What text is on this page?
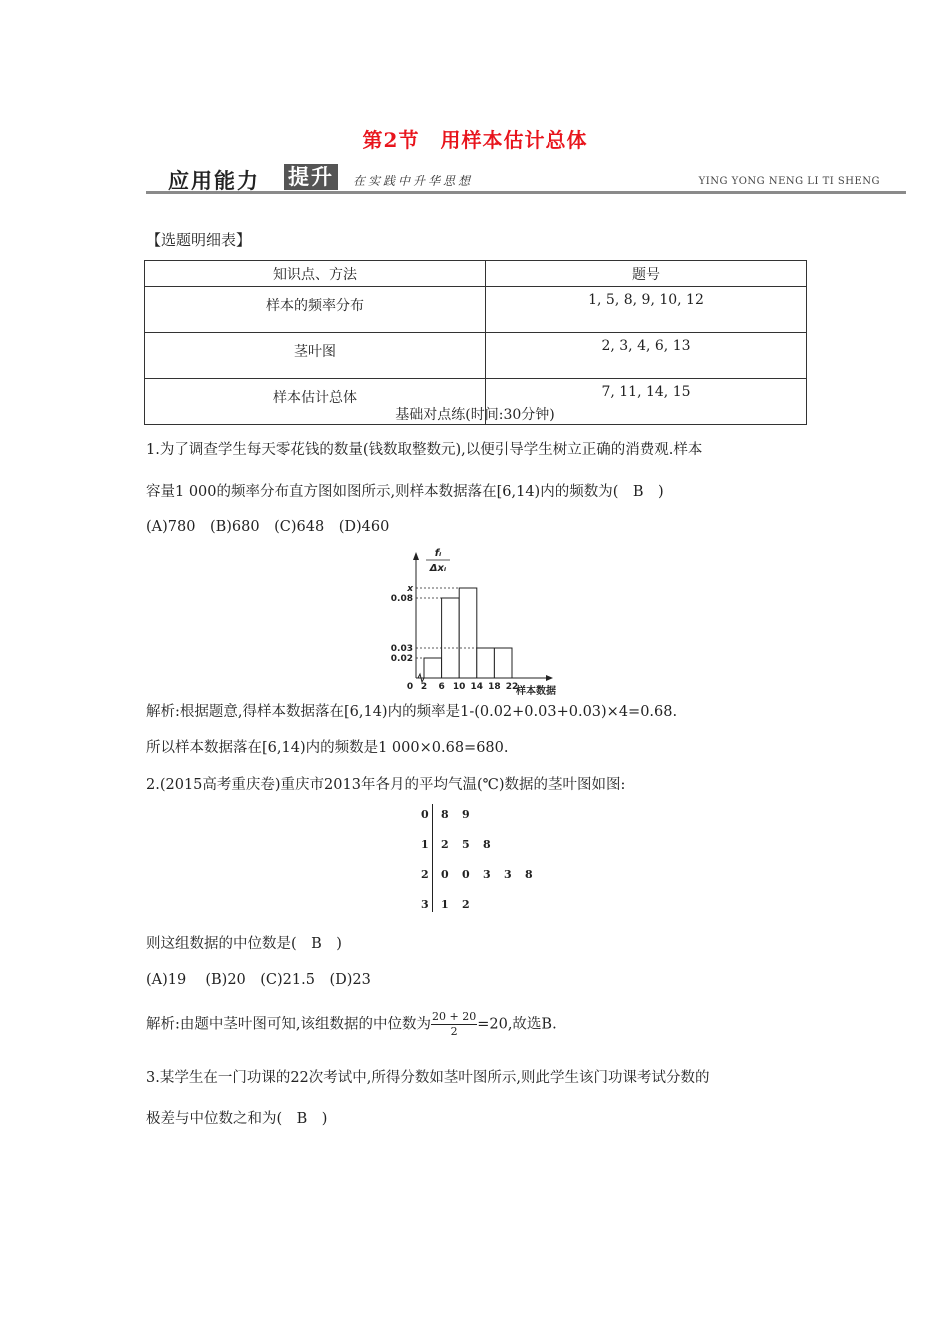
第2节　用样本估计总体
应用能力 提升	在实践中升华思想	YING YONG NENG LI TI SHENG
【选题明细表】
知识点、方法	题号
样本的频率分布	1, 5, 8, 9, 10, 12
茎叶图	2, 3, 4, 6, 13
样本估计总体	7, 11, 14, 15
基础对点练(时间:30分钟)
1.为了调查学生每天零花钱的数量(钱数取整数元),以便引导学生树立正确的消费观.样本
容量1 000的频率分布直方图如图所示,则样本数据落在[6,14)内的频数为(　B　)
(A)780　(B)680　(C)648　(D)460
x
0.08
0.03
0.02
0 2 6 10 14 18 22
样本数据
fᵢ
Δxᵢ
解析:根据题意,得样本数据落在[6,14)内的频率是1-(0.02+0.03+0.03)×4=0.68.
所以样本数据落在[6,14)内的频数是1 000×0.68=680.
2.(2015高考重庆卷)重庆市2013年各月的平均气温(℃)数据的茎叶图如图:
0 8 9
1 2 5 8
2 0 0 3 3 8
3 1 2
则这组数据的中位数是(　B　)
(A)19　 (B)20　(C)21.5　(D)23
解析:由题中茎叶图可知,该组数据的中位数为 $\frac{20 + 20}{2} =20$,故选B.
3.某学生在一门功课的22次考试中,所得分数如茎叶图所示,则此学生该门功课考试分数的
极差与中位数之和为(　B　)
